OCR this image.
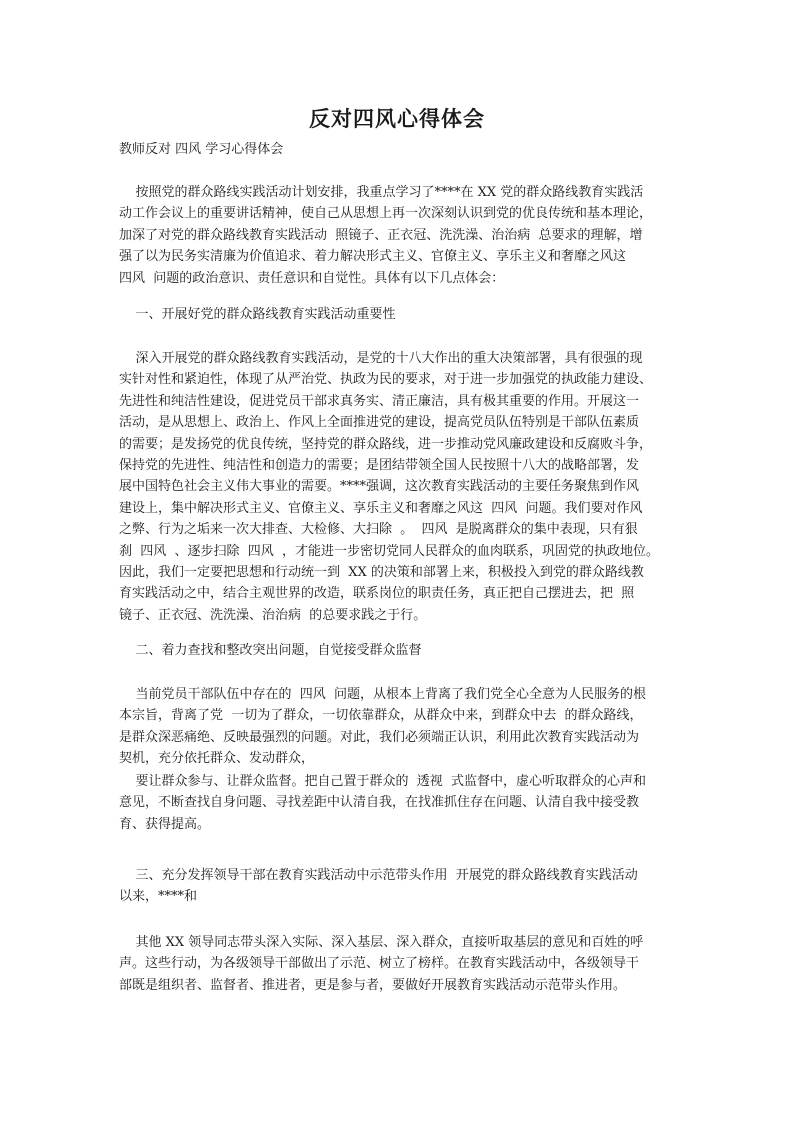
反对四风心得体会
教师反对 四风 学习心得体会
按照党的群众路线实践活动计划安排，我重点学习了****在 XX 党的群众路线教育实践活
动工作会议上的重要讲话精神，使自己从思想上再一次深刻认识到党的优良传统和基本理论，
加深了对党的群众路线教育实践活动  照镜子、正衣冠、洗洗澡、治治病  总要求的理解，增
强了以为民务实清廉为价值追求、着力解决形式主义、官僚主义、享乐主义和奢靡之风这
四风  问题的政治意识、责任意识和自觉性。具体有以下几点体会：
一、开展好党的群众路线教育实践活动重要性
深入开展党的群众路线教育实践活动，是党的十八大作出的重大决策部署，具有很强的现
实针对性和紧迫性，体现了从严治党、执政为民的要求，对于进一步加强党的执政能力建设、
先进性和纯洁性建设，促进党员干部求真务实、清正廉洁，具有极其重要的作用。开展这一
活动，是从思想上、政治上、作风上全面推进党的建设，提高党员队伍特别是干部队伍素质
的需要；是发扬党的优良传统，坚持党的群众路线，进一步推动党风廉政建设和反腐败斗争，
保持党的先进性、纯洁性和创造力的需要；是团结带领全国人民按照十八大的战略部署，发
展中国特色社会主义伟大事业的需要。****强调，这次教育实践活动的主要任务聚焦到作风
建设上，集中解决形式主义、官僚主义、享乐主义和奢靡之风这  四风  问题。我们要对作风
之弊、行为之垢来一次大排查、大检修、大扫除  。  四风  是脱离群众的集中表现，只有狠
刹  四风  、逐步扫除  四风  ，才能进一步密切党同人民群众的血肉联系，巩固党的执政地位。
因此，我们一定要把思想和行动统一到  XX 的决策和部署上来，积极投入到党的群众路线教
育实践活动之中，结合主观世界的改造，联系岗位的职责任务，真正把自己摆进去，把  照
镜子、正衣冠、洗洗澡、治治病  的总要求践之于行。
二、着力查找和整改突出问题，自觉接受群众监督
当前党员干部队伍中存在的  四风  问题，从根本上背离了我们党全心全意为人民服务的根
本宗旨，背离了党  一切为了群众，一切依靠群众，从群众中来，到群众中去  的群众路线，
是群众深恶痛绝、反映最强烈的问题。对此，我们必须端正认识，利用此次教育实践活动为
契机，充分依托群众、发动群众，
要让群众参与、让群众监督。把自己置于群众的  透视  式监督中，虚心听取群众的心声和
意见，不断查找自身问题、寻找差距中认清自我，在找准抓住存在问题、认清自我中接受教
育、获得提高。
三、充分发挥领导干部在教育实践活动中示范带头作用  开展党的群众路线教育实践活动
以来，****和
其他 XX 领导同志带头深入实际、深入基层、深入群众，直接听取基层的意见和百姓的呼
声。这些行动，为各级领导干部做出了示范、树立了榜样。在教育实践活动中，各级领导干
部既是组织者、监督者、推进者，更是参与者，要做好开展教育实践活动示范带头作用。
